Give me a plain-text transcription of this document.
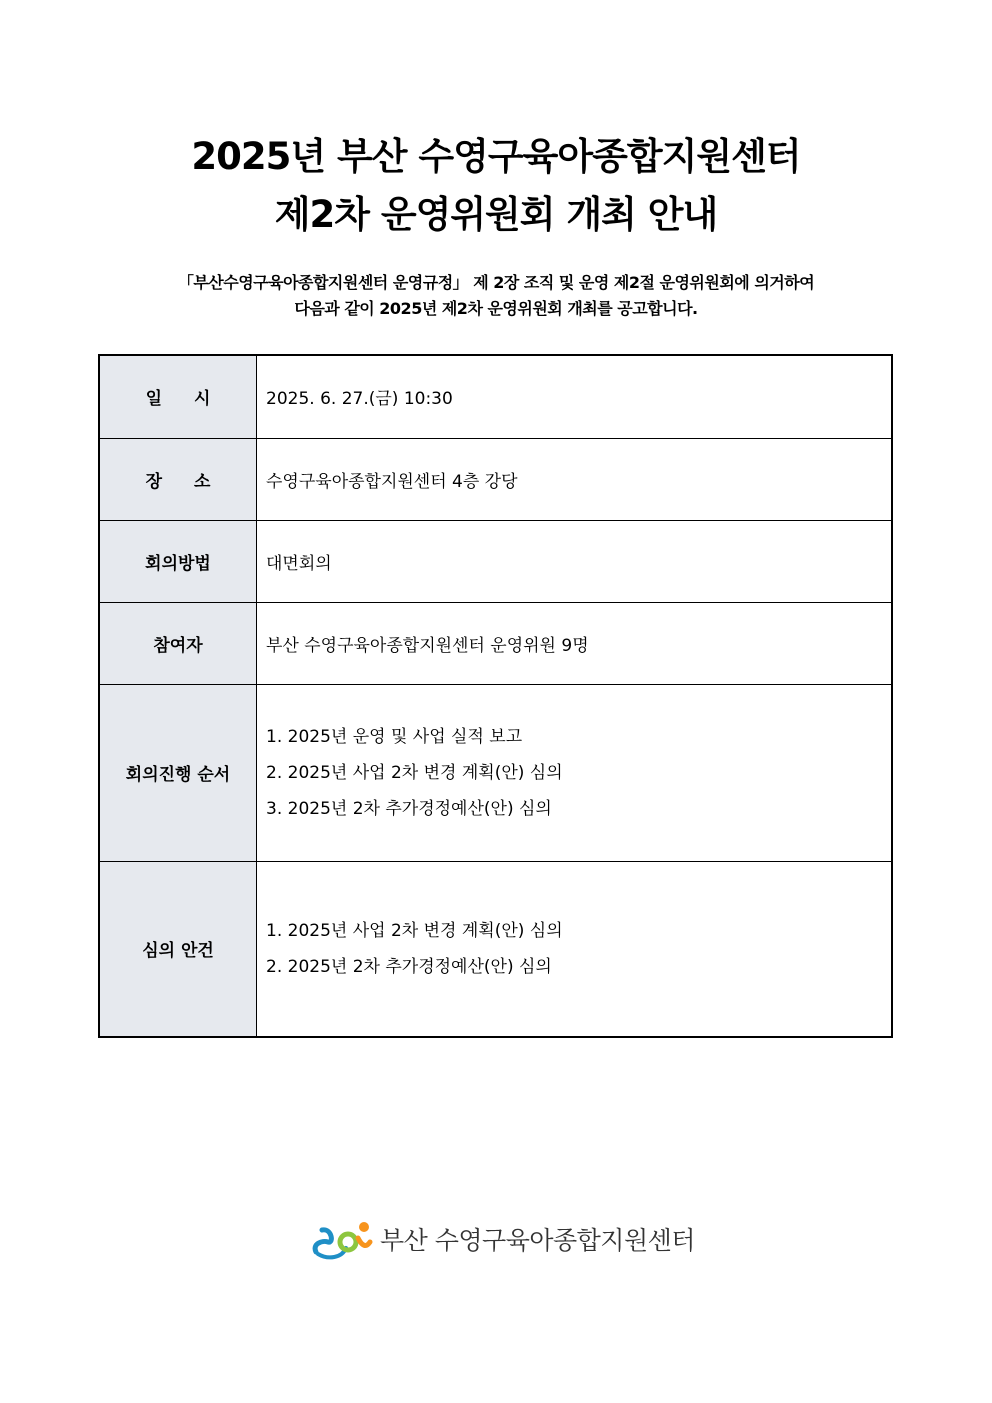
2025년 부산 수영구육아종합지원센터
제2차 운영위원회 개최 안내
「부산수영구육아종합지원센터 운영규정」 제 2장 조직 및 운영 제2절 운영위원회에 의거하여
다음과 같이 2025년 제2차 운영위원회 개최를 공고합니다.
일시	2025. 6. 27.(금) 10:30
장소	수영구육아종합지원센터 4층 강당
회의방법	대면회의
참여자	부산 수영구육아종합지원센터 운영위원 9명
회의진행 순서	1. 2025년 운영 및 사업 실적 보고
2. 2025년 사업 2차 변경 계획(안) 심의
3. 2025년 2차 추가경정예산(안) 심의

심의 안건	1. 2025년 사업 2차 변경 계획(안) 심의
2. 2025년 2차 추가경정예산(안) 심의
부산 수영구육아종합지원센터
